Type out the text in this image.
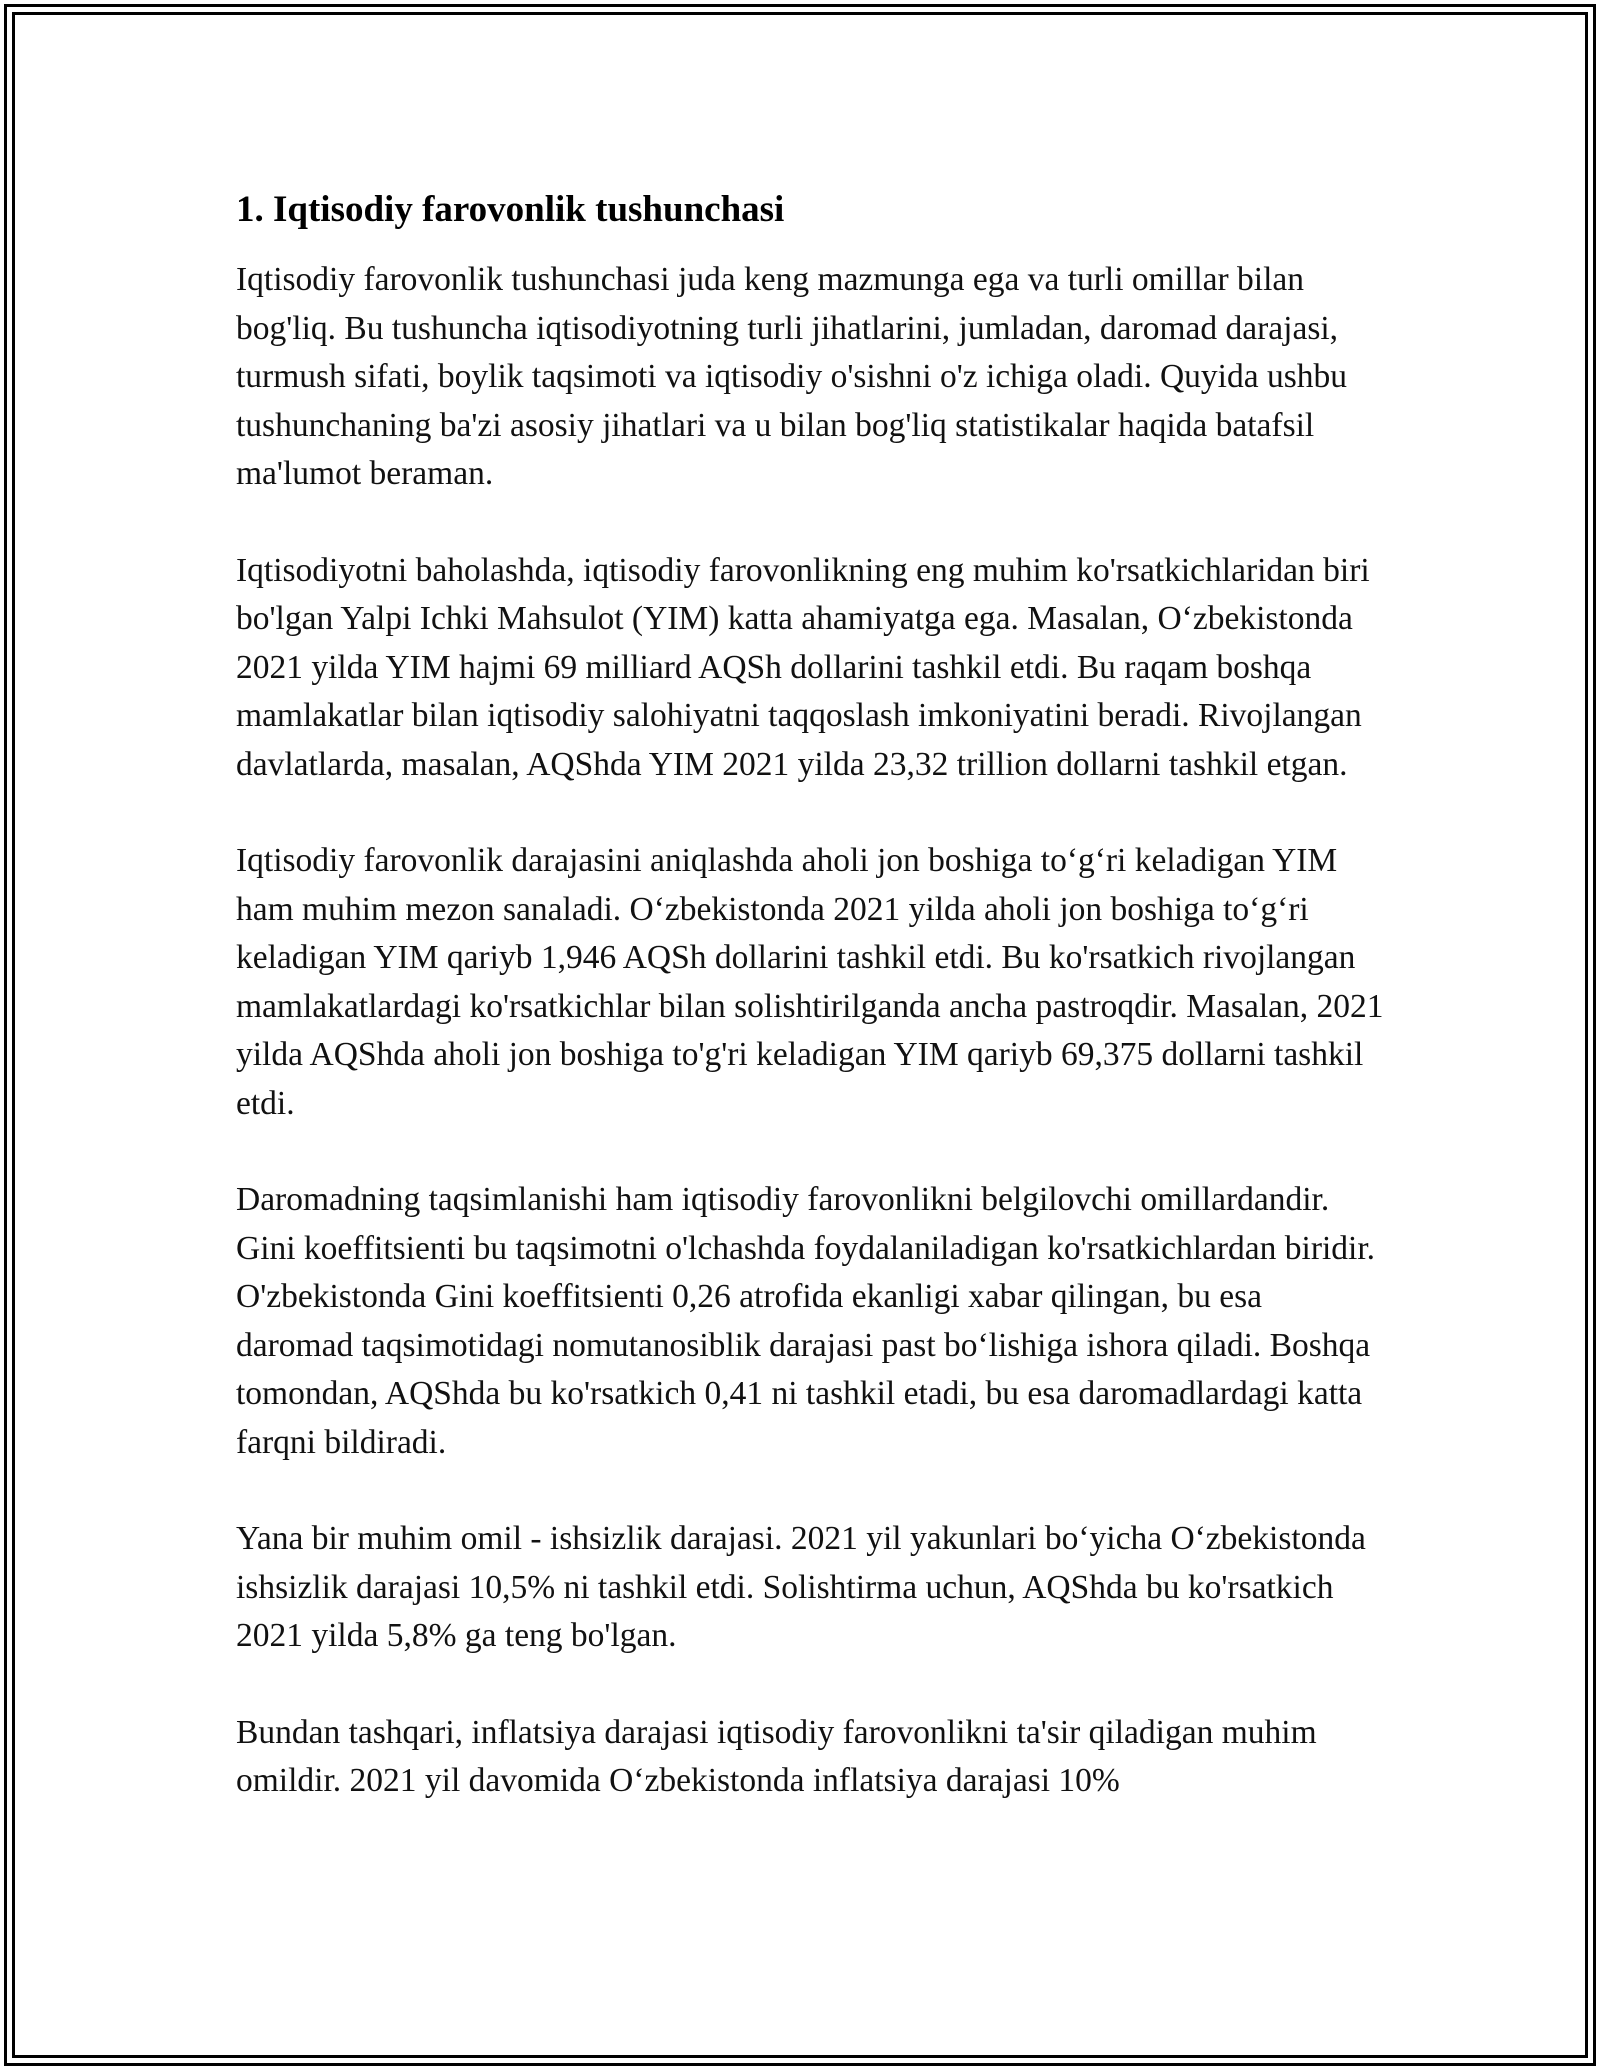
1. Iqtisodiy farovonlik tushunchasi

Iqtisodiy farovonlik tushunchasi juda keng mazmunga ega va turli omillar bilan bog'liq. Bu tushuncha iqtisodiyotning turli jihatlarini, jumladan, daromad darajasi, turmush sifati, boylik taqsimoti va iqtisodiy o'sishni o'z ichiga oladi. Quyida ushbu tushunchaning ba'zi asosiy jihatlari va u bilan bog'liq statistikalar haqida batafsil ma'lumot beraman.

Iqtisodiyotni baholashda, iqtisodiy farovonlikning eng muhim ko'rsatkichlaridan biri bo'lgan Yalpi Ichki Mahsulot (YIM) katta ahamiyatga ega. Masalan, O‘zbekistonda 2021 yilda YIM hajmi 69 milliard AQSh dollarini tashkil etdi. Bu raqam boshqa mamlakatlar bilan iqtisodiy salohiyatni taqqoslash imkoniyatini beradi. Rivojlangan davlatlarda, masalan, AQShda YIM 2021 yilda 23,32 trillion dollarni tashkil etgan.

Iqtisodiy farovonlik darajasini aniqlashda aholi jon boshiga to‘g‘ri keladigan YIM ham muhim mezon sanaladi. O‘zbekistonda 2021 yilda aholi jon boshiga to‘g‘ri keladigan YIM qariyb 1,946 AQSh dollarini tashkil etdi. Bu ko'rsatkich rivojlangan mamlakatlardagi ko'rsatkichlar bilan solishtirilganda ancha pastroqdir. Masalan, 2021 yilda AQShda aholi jon boshiga to'g'ri keladigan YIM qariyb 69,375 dollarni tashkil etdi.

Daromadning taqsimlanishi ham iqtisodiy farovonlikni belgilovchi omillardandir. Gini koeffitsienti bu taqsimotni o'lchashda foydalaniladigan ko'rsatkichlardan biridir. O'zbekistonda Gini koeffitsienti 0,26 atrofida ekanligi xabar qilingan, bu esa daromad taqsimotidagi nomutanosiblik darajasi past bo‘lishiga ishora qiladi. Boshqa tomondan, AQShda bu ko'rsatkich 0,41 ni tashkil etadi, bu esa daromadlardagi katta farqni bildiradi.

Yana bir muhim omil - ishsizlik darajasi. 2021 yil yakunlari bo‘yicha O‘zbekistonda ishsizlik darajasi 10,5% ni tashkil etdi. Solishtirma uchun, AQShda bu ko'rsatkich 2021 yilda 5,8% ga teng bo'lgan.

Bundan tashqari, inflatsiya darajasi iqtisodiy farovonlikni ta'sir qiladigan muhim omildir. 2021 yil davomida O‘zbekistonda inflatsiya darajasi 10%
